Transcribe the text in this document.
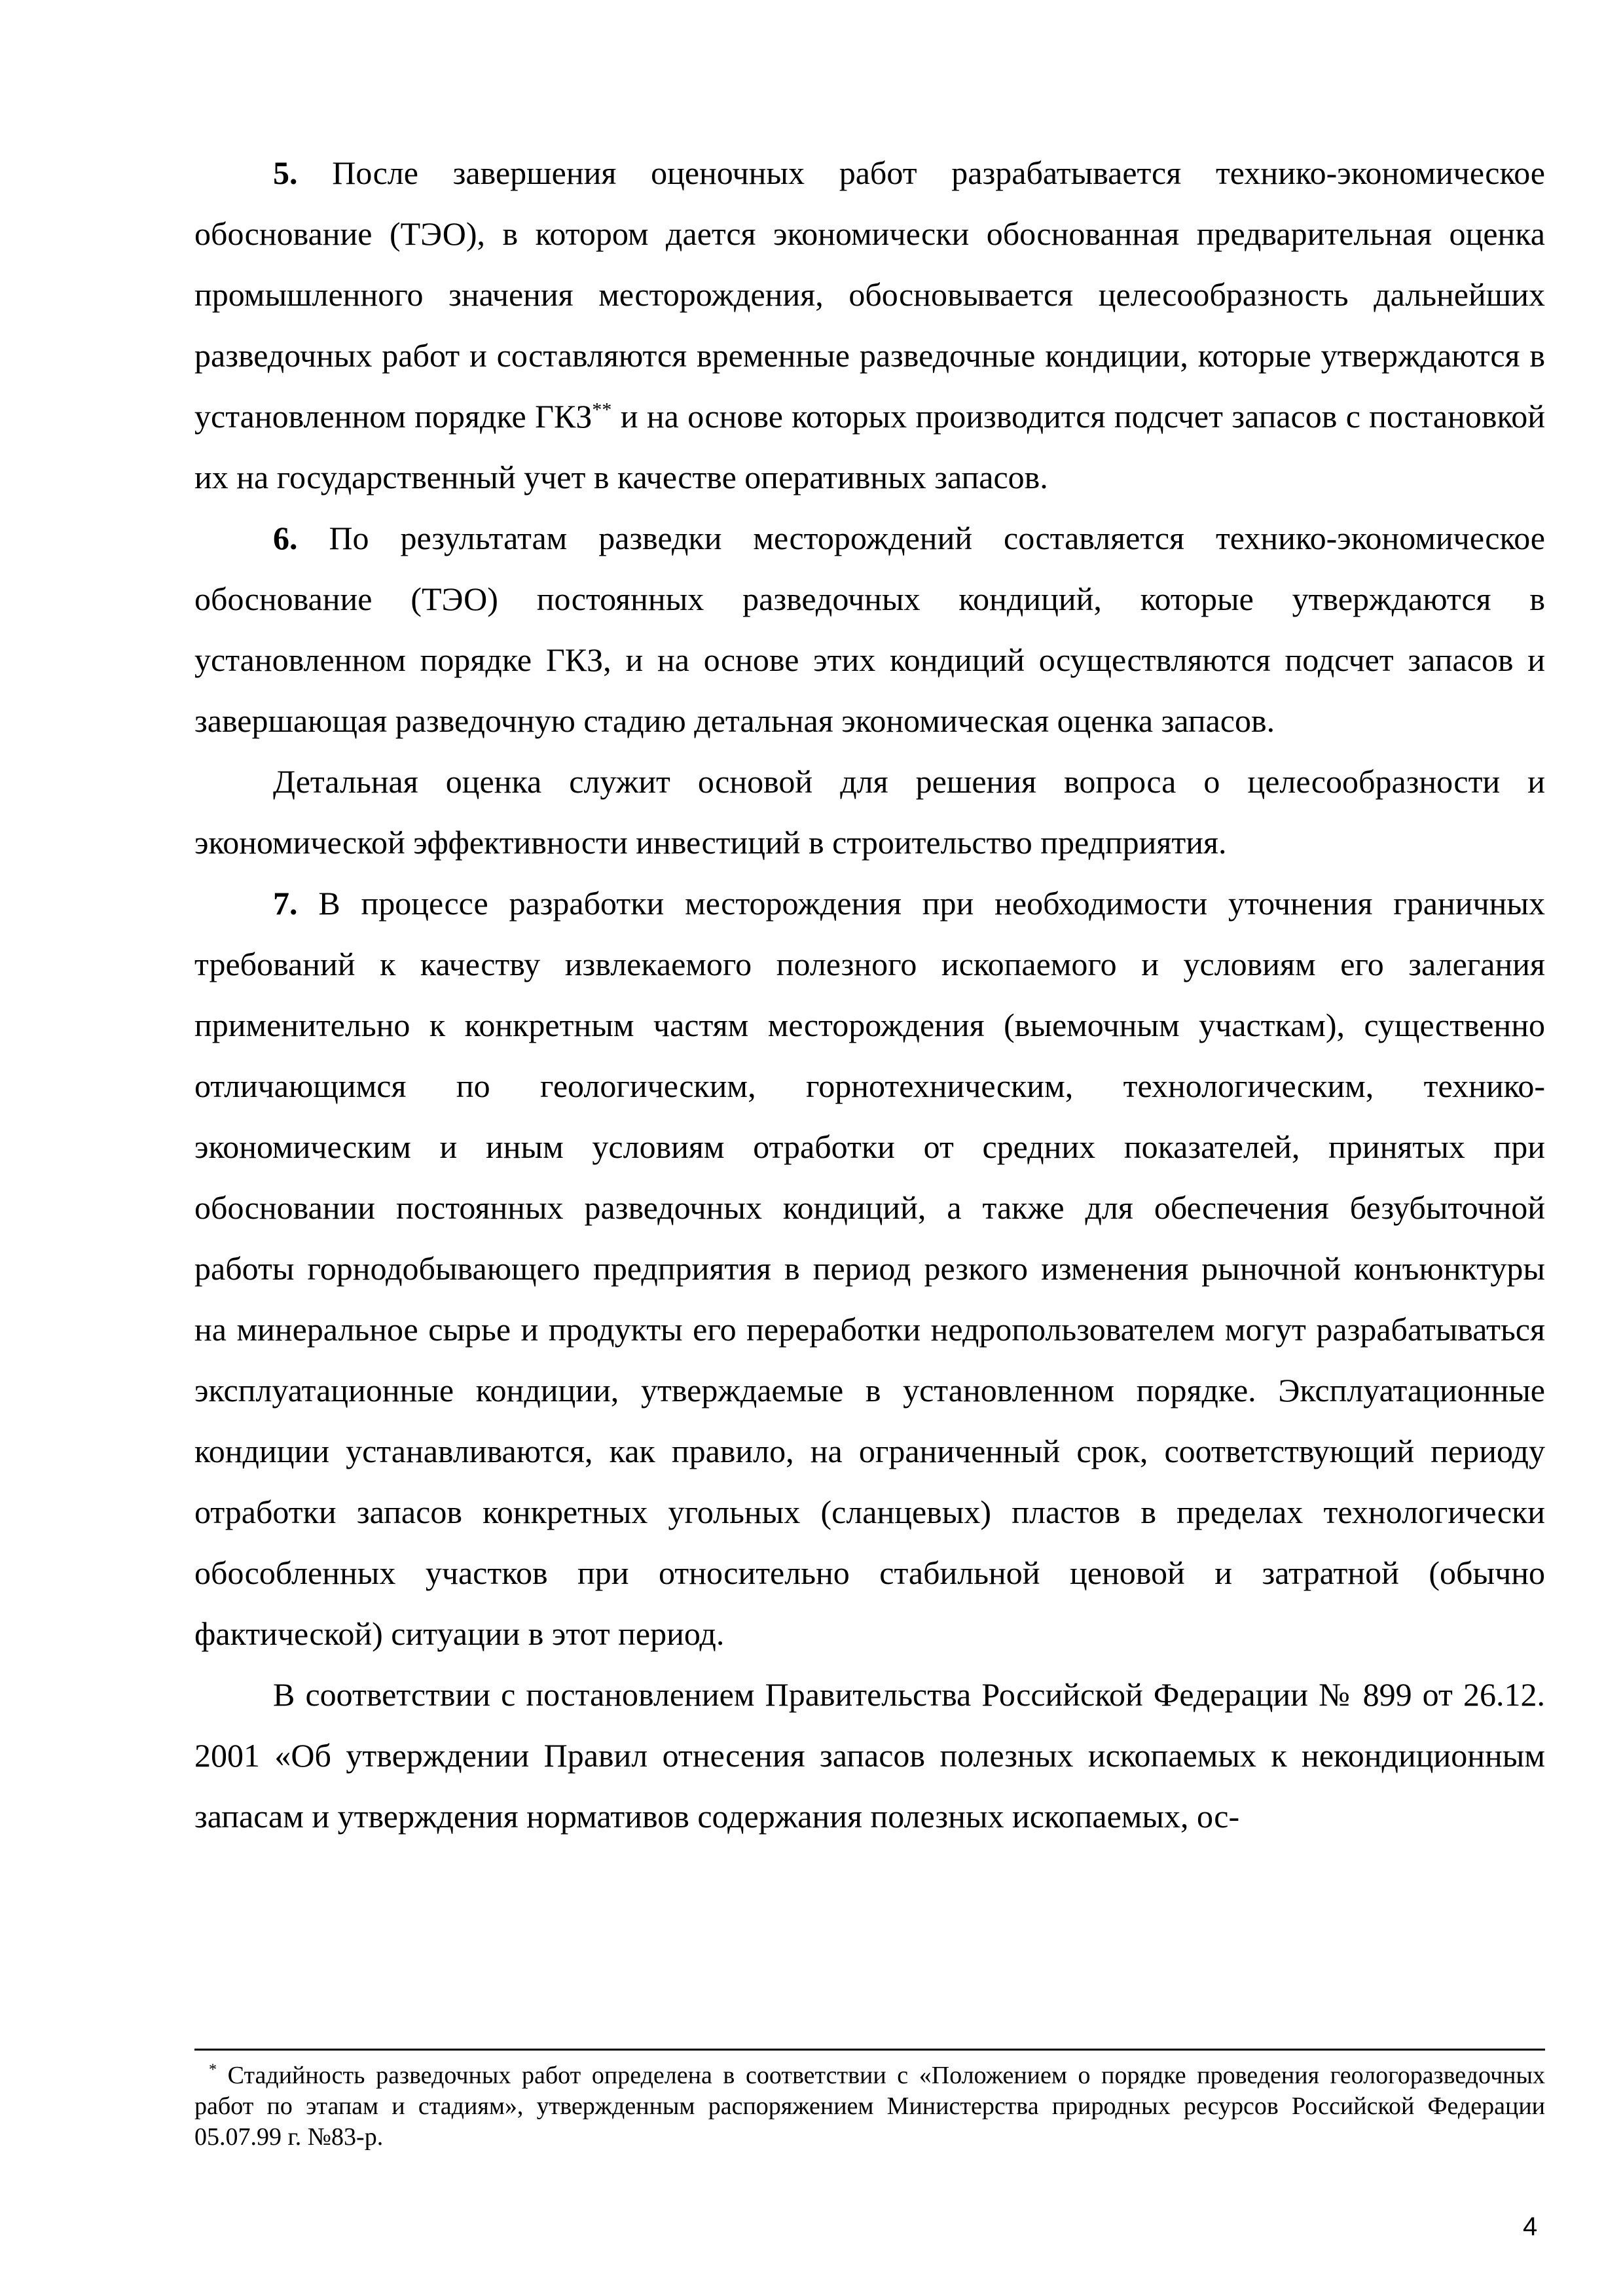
5. После завершения оценочных работ разрабатывается технико-экономическое обоснование (ТЭО), в котором дается экономически обоснованная предварительная оценка промышленного значения месторождения, обосновывается целесообразность дальнейших разведочных работ и составляются временные разведочные кондиции, которые утверждаются в установленном порядке ГКЗ** и на основе которых производится подсчет запасов с постановкой их на государственный учет в качестве оперативных запасов.

6. По результатам разведки месторождений составляется технико-экономическое обоснование (ТЭО) постоянных разведочных кондиций, которые утверждаются в установленном порядке ГКЗ, и на основе этих кондиций осуществляются подсчет запасов и завершающая разведочную стадию детальная экономическая оценка запасов.

Детальная оценка служит основой для решения вопроса о целесообразности и экономической эффективности инвестиций в строительство предприятия.

7. В процессе разработки месторождения при необходимости уточнения граничных требований к качеству извлекаемого полезного ископаемого и условиям его залегания применительно к конкретным частям месторождения (выемочным участкам), существенно отличающимся по геологическим, горнотехническим, технологическим, технико-экономическим и иным условиям отработки от средних показателей, принятых при обосновании постоянных разведочных кондиций, а также для обеспечения безубыточной работы горнодобывающего предприятия в период резкого изменения рыночной конъюнктуры на минеральное сырье и продукты его переработки недропользователем могут разрабатываться эксплуатационные кондиции, утверждаемые в установленном порядке. Эксплуатационные кондиции устанавливаются, как правило, на ограниченный срок, соответствующий периоду отработки запасов конкретных угольных (сланцевых) пластов в пределах технологически обособленных участков при относительно стабильной ценовой и затратной (обычно фактической) ситуации в этот период.

В соответствии с постановлением Правительства Российской Федерации № 899 от 26.12. 2001 «Об утверждении Правил отнесения запасов полезных ископаемых к некондиционным запасам и утверждения нормативов содержания полезных ископаемых, ос-

* Стадийность разведочных работ определена в соответствии с «Положением о порядке проведения геологоразведочных работ по этапам и стадиям», утвержденным распоряжением Министерства природных ресурсов Российской Федерации 05.07.99 г. №83-р.

4
